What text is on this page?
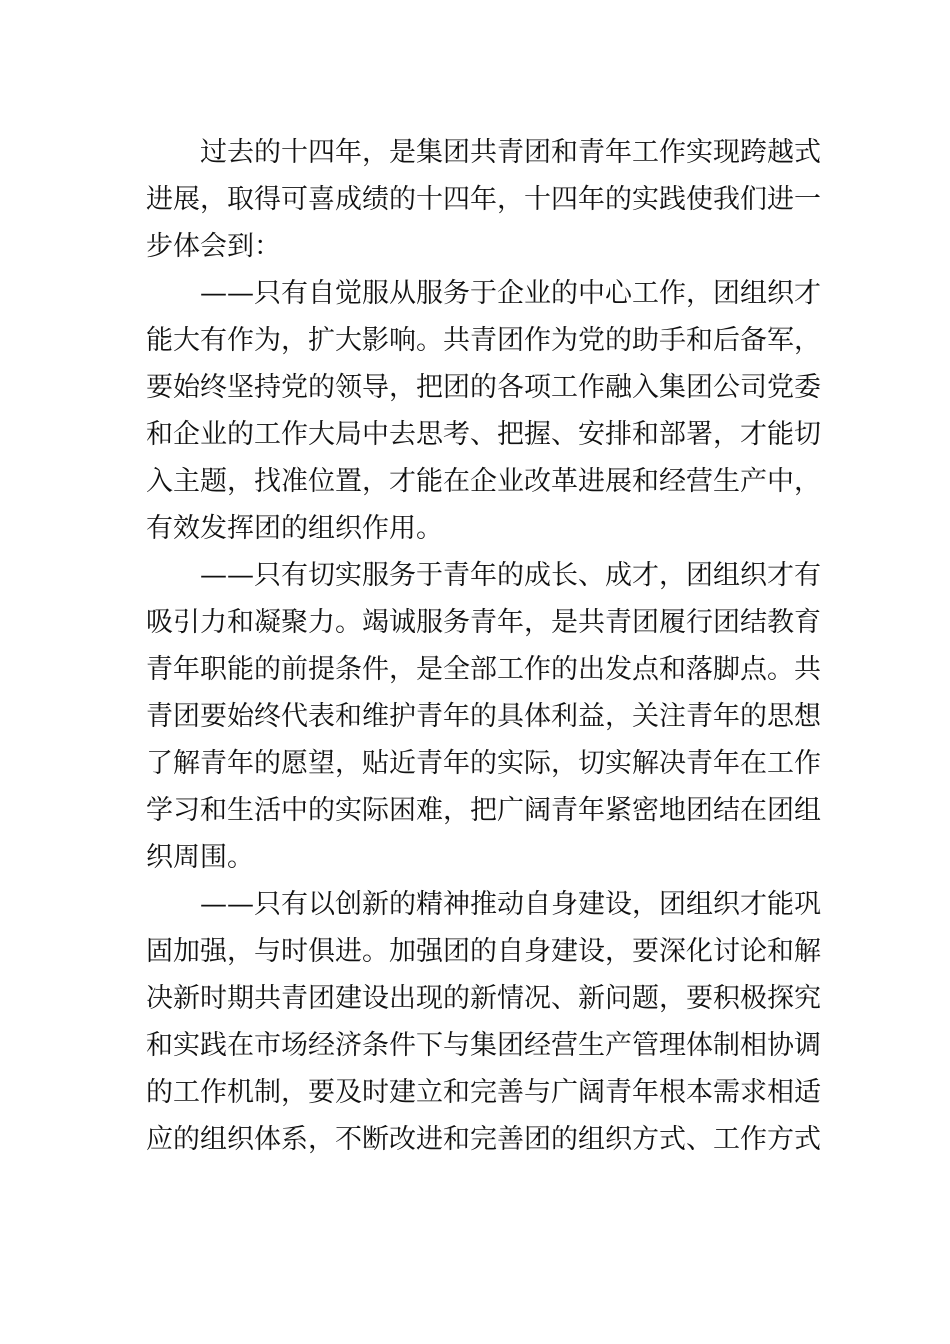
过去的十四年，是集团共青团和青年工作实现跨越式
进展，取得可喜成绩的十四年，十四年的实践使我们进一
步体会到：
——只有自觉服从服务于企业的中心工作，团组织才
能大有作为，扩大影响。共青团作为党的助手和后备军，
要始终坚持党的领导，把团的各项工作融入集团公司党委
和企业的工作大局中去思考、把握、安排和部署，才能切
入主题，找准位置，才能在企业改革进展和经营生产中，
有效发挥团的组织作用。
——只有切实服务于青年的成长、成才，团组织才有
吸引力和凝聚力。竭诚服务青年，是共青团履行团结教育
青年职能的前提条件，是全部工作的出发点和落脚点。共
青团要始终代表和维护青年的具体利益，关注青年的思想
了解青年的愿望，贴近青年的实际，切实解决青年在工作
学习和生活中的实际困难，把广阔青年紧密地团结在团组
织周围。
——只有以创新的精神推动自身建设，团组织才能巩
固加强，与时俱进。加强团的自身建设，要深化讨论和解
决新时期共青团建设出现的新情况、新问题，要积极探究
和实践在市场经济条件下与集团经营生产管理体制相协调
的工作机制，要及时建立和完善与广阔青年根本需求相适
应的组织体系，不断改进和完善团的组织方式、工作方式
